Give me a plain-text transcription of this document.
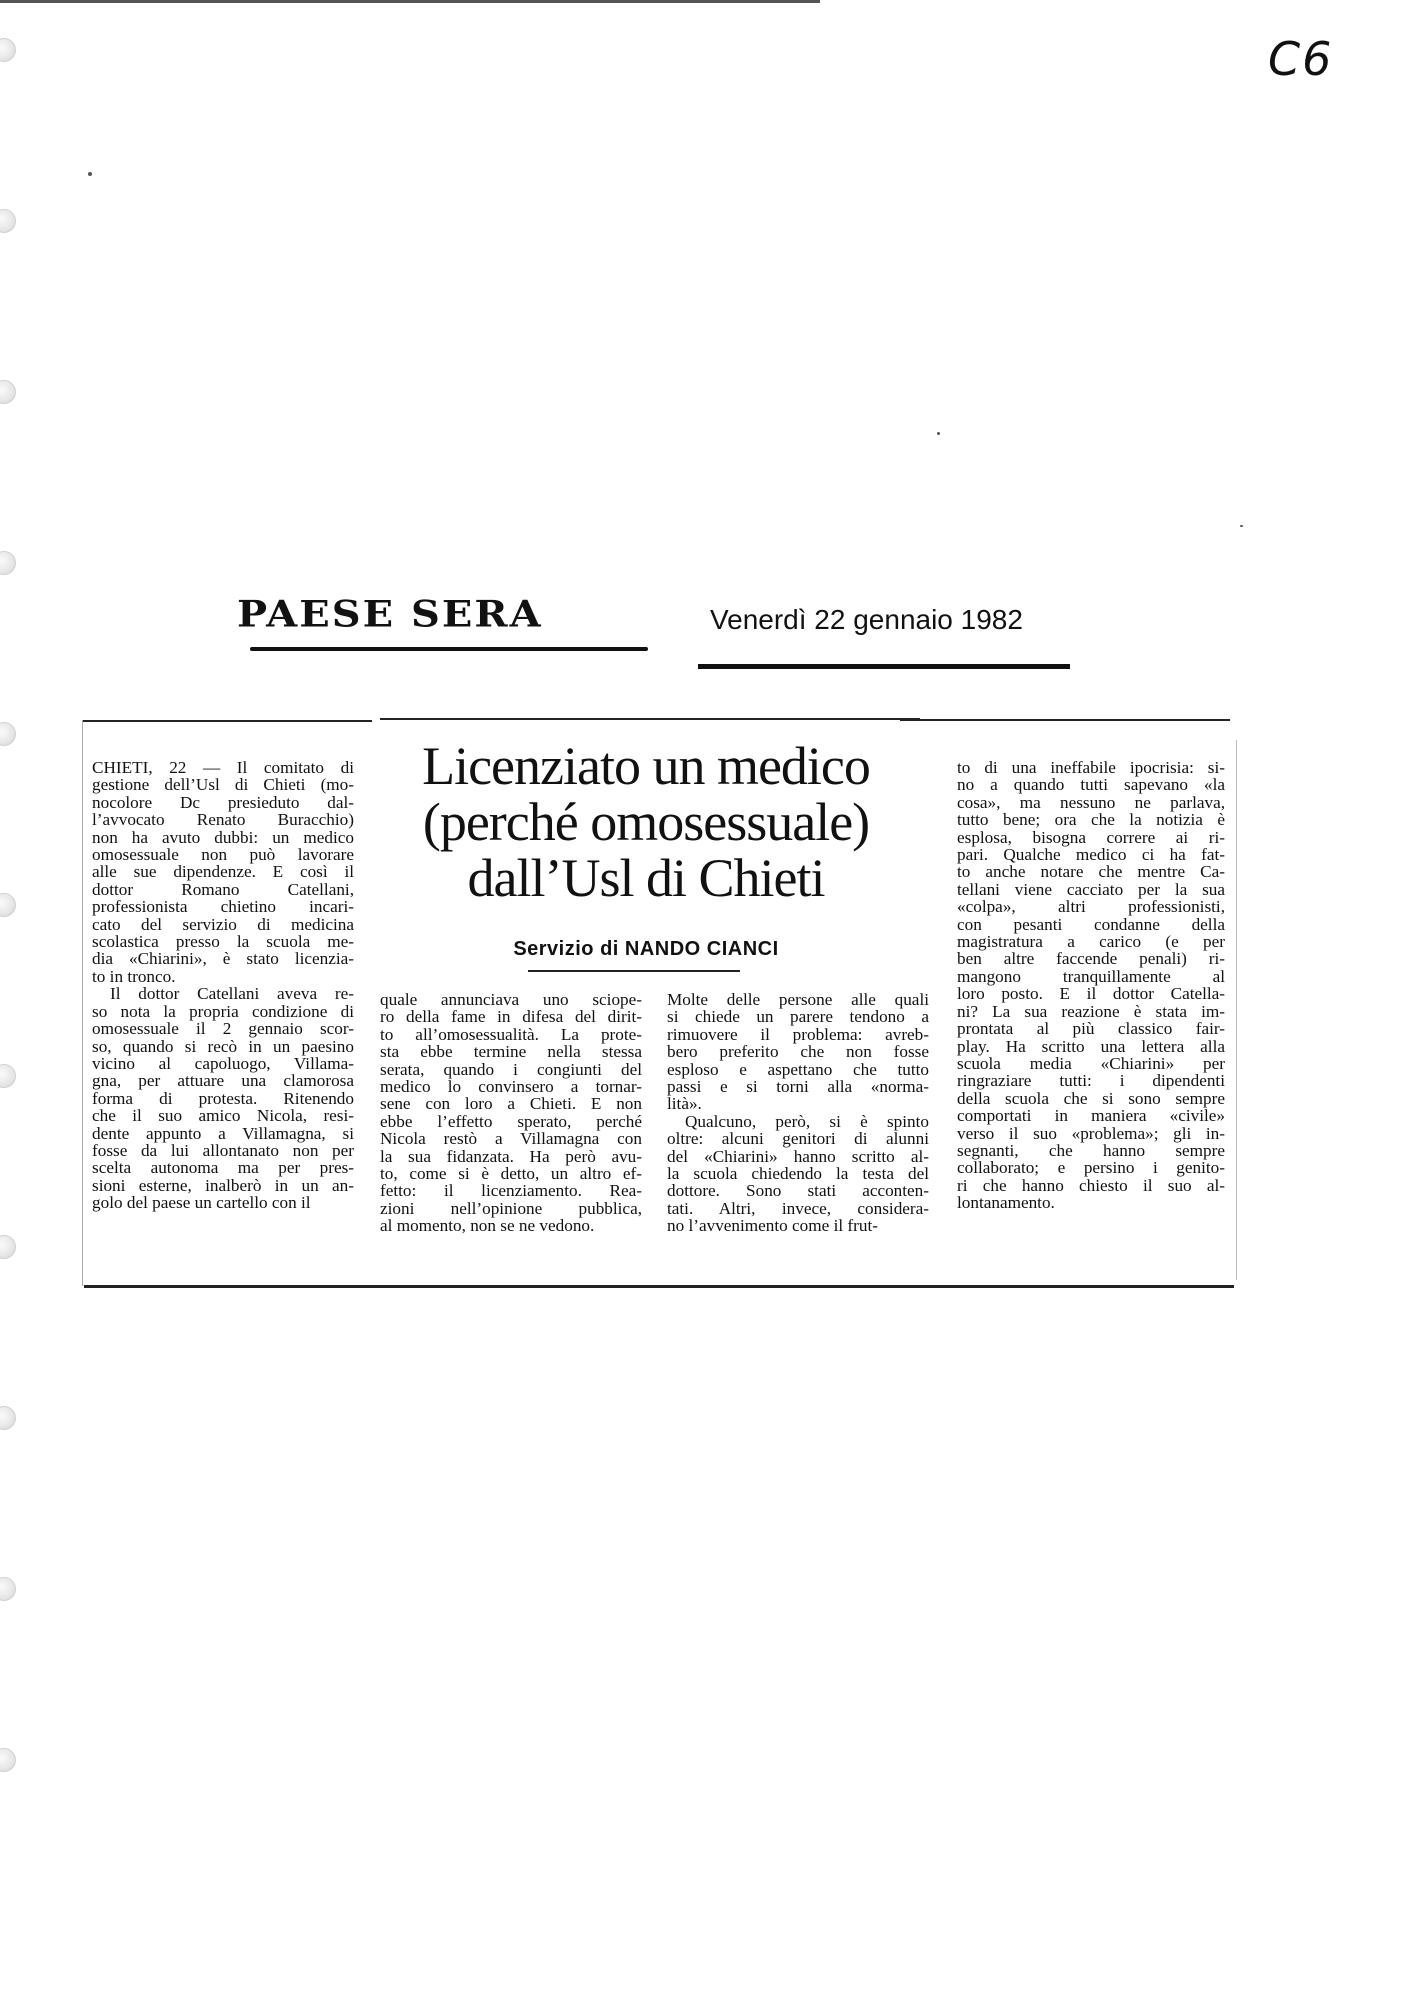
C6
PAESE SERA	Venerdì 22 gennaio 1982
Licenziato un medico
(perché omosessuale)
dall’Usl di Chieti
Servizio di NANDO CIANCI
CHIETI, 22 — Il comitato di
gestione dell’Usl di Chieti (mo-
nocolore Dc presieduto dal-
l’avvocato Renato Buracchio)
non ha avuto dubbi: un medico
omosessuale non può lavorare
alle sue dipendenze. E così il
dottor Romano Catellani,
professionista chietino incari-
cato del servizio di medicina
scolastica presso la scuola me-
dia «Chiarini», è stato licenzia-
to in tronco.
Il dottor Catellani aveva re-
so nota la propria condizione di
omosessuale il 2 gennaio scor-
so, quando si recò in un paesino
vicino al capoluogo, Villama-
gna, per attuare una clamorosa
forma di protesta. Ritenendo
che il suo amico Nicola, resi-
dente appunto a Villamagna, si
fosse da lui allontanato non per
scelta autonoma ma per pres-
sioni esterne, inalberò in un an-
golo del paese un cartello con il
quale annunciava uno sciope-
ro della fame in difesa del dirit-
to all’omosessualità. La prote-
sta ebbe termine nella stessa
serata, quando i congiunti del
medico lo convinsero a tornar-
sene con loro a Chieti. E non
ebbe l’effetto sperato, perché
Nicola restò a Villamagna con
la sua fidanzata. Ha però avu-
to, come si è detto, un altro ef-
fetto: il licenziamento. Rea-
zioni nell’opinione pubblica,
al momento, non se ne vedono.
Molte delle persone alle quali
si chiede un parere tendono a
rimuovere il problema: avreb-
bero preferito che non fosse
esploso e aspettano che tutto
passi e si torni alla «norma-
lità».
Qualcuno, però, si è spinto
oltre: alcuni genitori di alunni
del «Chiarini» hanno scritto al-
la scuola chiedendo la testa del
dottore. Sono stati acconten-
tati. Altri, invece, considera-
no l’avvenimento come il frut-
to di una ineffabile ipocrisia: si-
no a quando tutti sapevano «la
cosa», ma nessuno ne parlava,
tutto bene; ora che la notizia è
esplosa, bisogna correre ai ri-
pari. Qualche medico ci ha fat-
to anche notare che mentre Ca-
tellani viene cacciato per la sua
«colpa», altri professionisti,
con pesanti condanne della
magistratura a carico (e per
ben altre faccende penali) ri-
mangono tranquillamente al
loro posto. E il dottor Catella-
ni? La sua reazione è stata im-
prontata al più classico fair-
play. Ha scritto una lettera alla
scuola media «Chiarini» per
ringraziare tutti: i dipendenti
della scuola che si sono sempre
comportati in maniera «civile»
verso il suo «problema»; gli in-
segnanti, che hanno sempre
collaborato; e persino i genito-
ri che hanno chiesto il suo al-
lontanamento.
